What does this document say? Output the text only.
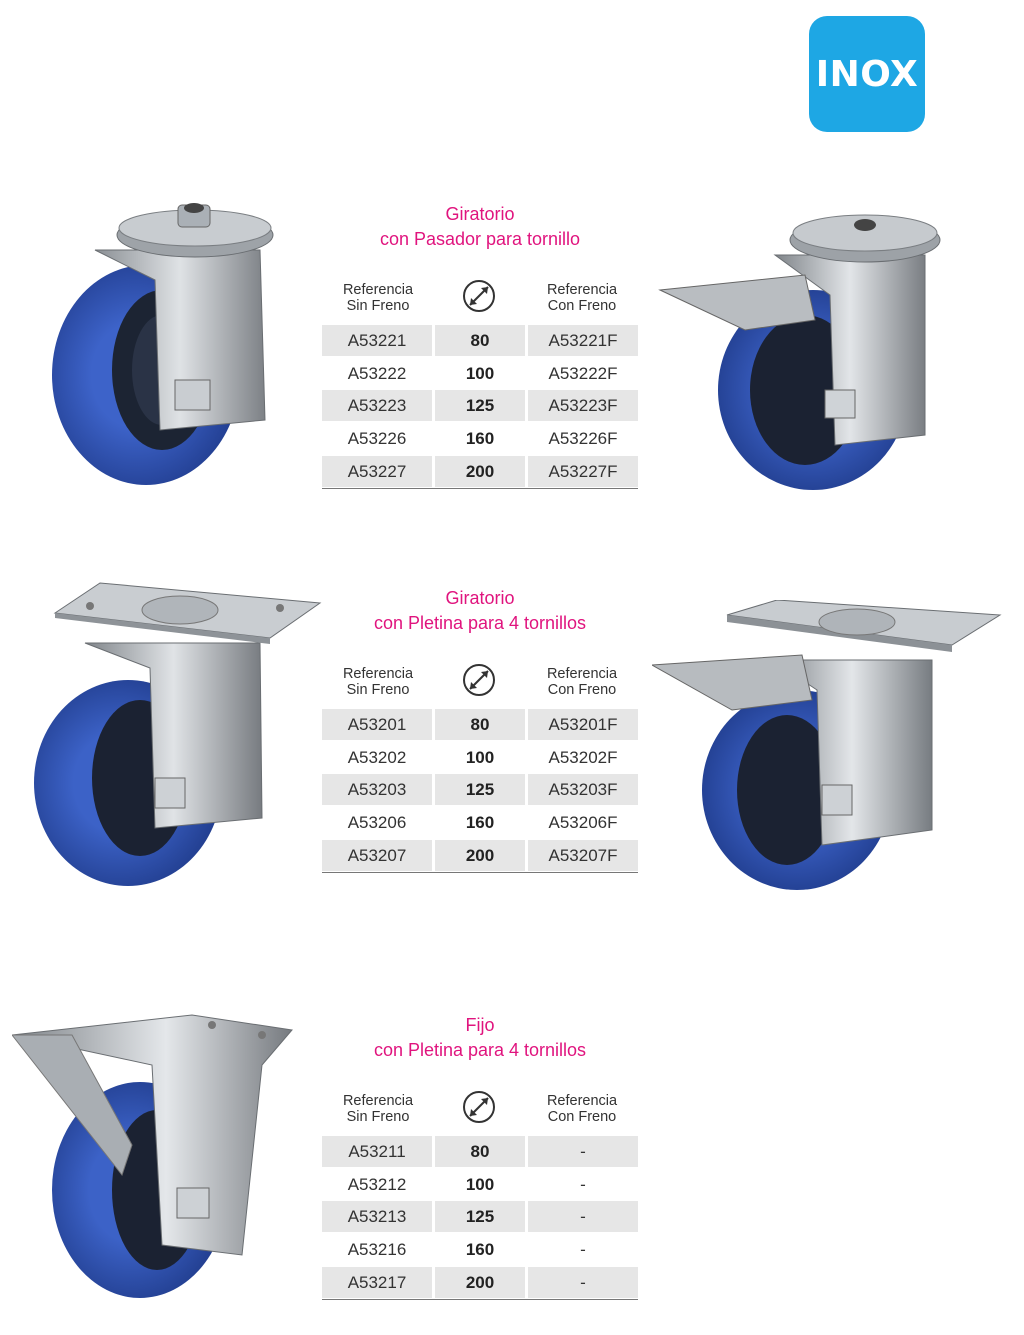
INOX
Giratorio
con Pasador para tornillo
Referencia
Sin Freno
Referencia
Con Freno
A53221	80	A53221F
A53222	100	A53222F
A53223	125	A53223F
A53226	160	A53226F
A53227	200	A53227F
Giratorio
con Pletina para 4 tornillos
Referencia
Sin Freno
Referencia
Con Freno
A53201	80	A53201F
A53202	100	A53202F
A53203	125	A53203F
A53206	160	A53206F
A53207	200	A53207F
Fijo
con Pletina para 4 tornillos
Referencia
Sin Freno
Referencia
Con Freno
A53211	80	-
A53212	100	-
A53213	125	-
A53216	160	-
A53217	200	-
